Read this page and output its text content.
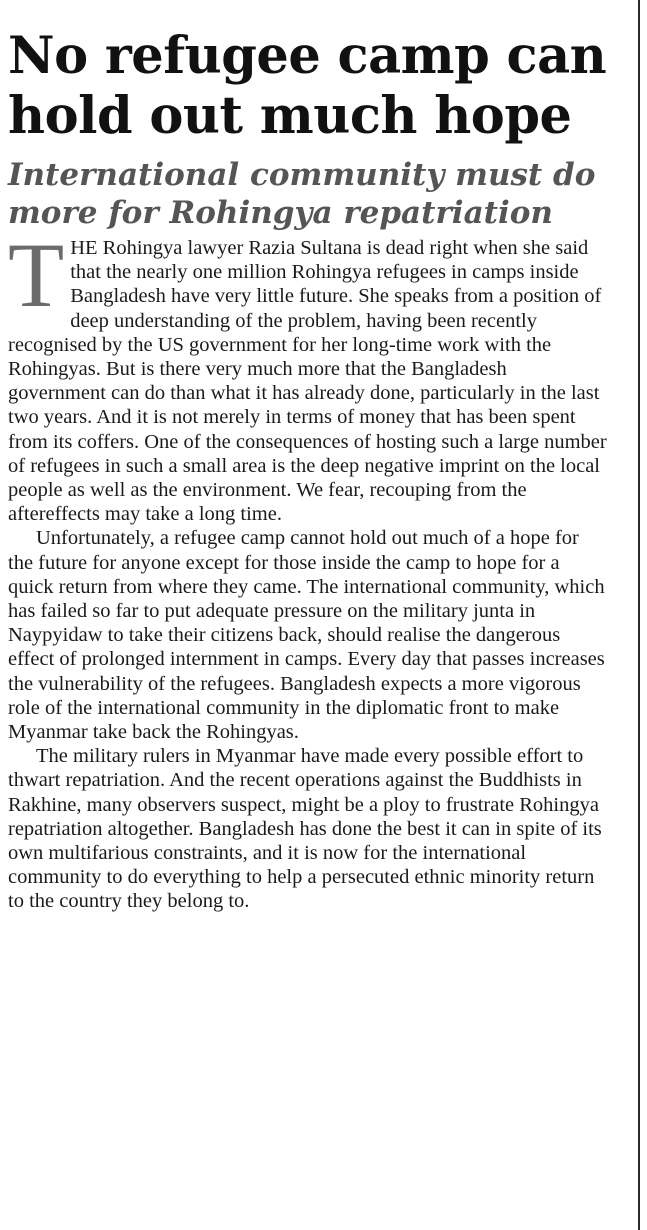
No refugee camp can hold out much hope
International community must do more for Rohingya repatriation

THE Rohingya lawyer Razia Sultana is dead right when she said that the nearly one million Rohingya refugees in camps inside Bangladesh have very little future. She speaks from a position of deep understanding of the problem, having been recently recognised by the US government for her long-time work with the Rohingyas. But is there very much more that the Bangladesh government can do than what it has already done, particularly in the last two years. And it is not merely in terms of money that has been spent from its coffers. One of the consequences of hosting such a large number of refugees in such a small area is the deep negative imprint on the local people as well as the environment. We fear, recouping from the aftereffects may take a long time.

Unfortunately, a refugee camp cannot hold out much of a hope for the future for anyone except for those inside the camp to hope for a quick return from where they came. The international community, which has failed so far to put adequate pressure on the military junta in Naypyidaw to take their citizens back, should realise the dangerous effect of prolonged internment in camps. Every day that passes increases the vulnerability of the refugees. Bangladesh expects a more vigorous role of the international community in the diplomatic front to make Myanmar take back the Rohingyas.

The military rulers in Myanmar have made every possible effort to thwart repatriation. And the recent operations against the Buddhists in Rakhine, many observers suspect, might be a ploy to frustrate Rohingya repatriation altogether. Bangladesh has done the best it can in spite of its own multifarious constraints, and it is now for the international community to do everything to help a persecuted ethnic minority return to the country they belong to.
